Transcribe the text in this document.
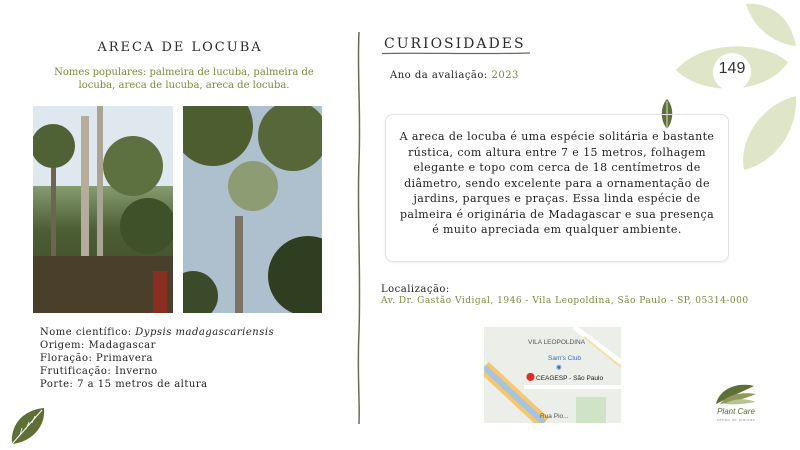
ARECA DE LOCUBA
Nomes populares: palmeira de lucuba, palmeira de locuba, areca de lucuba, areca de locuba.
Nome científico: Dypsis madagascariensis
Origem: Madagascar
Floração: Primavera
Frutificação: Inverno
Porte: 7 a 15 metros de altura
CURIOSIDADES
Ano da avaliação: 2023

A areca de locuba é uma espécie solitária e bastante rústica, com altura entre 7 e 15 metros, folhagem elegante e topo com cerca de 18 centímetros de diâmetro, sendo excelente para a ornamentação de jardins, parques e praças. Essa linda espécie de palmeira é originária de Madagascar e sua presença é muito apreciada em qualquer ambiente.

Localização:
Av. Dr. Gastão Vidigal, 1946 - Vila Leopoldina, São Paulo - SP, 05314-000
VILA LEOPOLDINA
Sam's Club
◉
⬤ CEAGESP - São Paulo
Rua Pio...
149
Plant Care
censo de plantas
